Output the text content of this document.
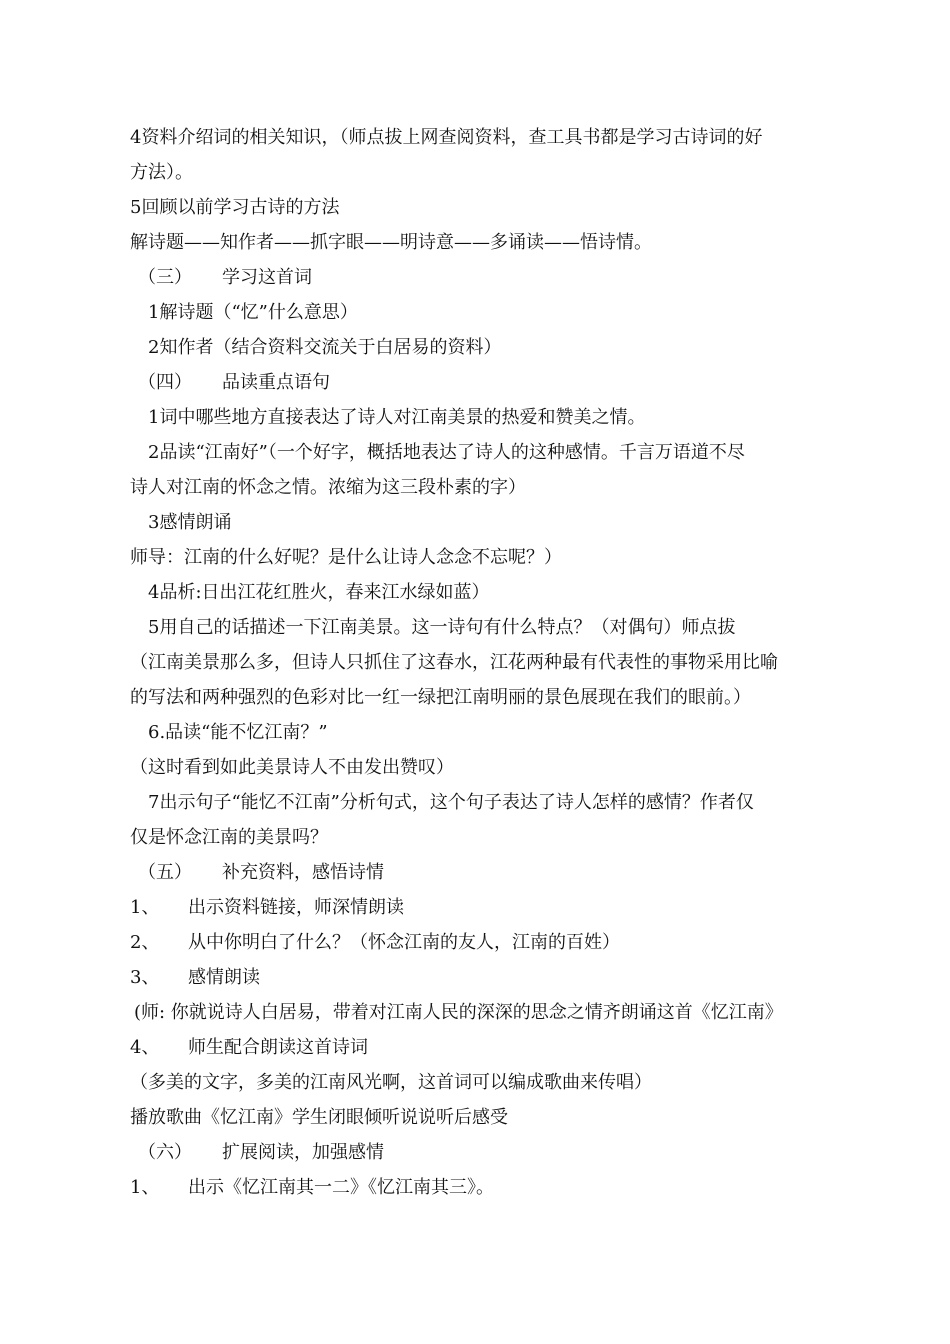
4资料介绍词的相关知识，（师点拔上网查阅资料，查工具书都是学习古诗词的好
方法）。
5回顾以前学习古诗的方法
解诗题——知作者——抓字眼——明诗意——多诵读——悟诗情。
（三） 学习这首词
1解诗题（“忆”什么意思）
2知作者（结合资料交流关于白居易的资料）
（四） 品读重点语句
1词中哪些地方直接表达了诗人对江南美景的热爱和赞美之情。
2品读“江南好”（一个好字，概括地表达了诗人的这种感情。千言万语道不尽
诗人对江南的怀念之情。浓缩为这三段朴素的字）
3感情朗诵
师导：江南的什么好呢？是什么让诗人念念不忘呢？）
4品析:日出江花红胜火，春来江水绿如蓝）
5用自己的话描述一下江南美景。这一诗句有什么特点？（对偶句）师点拔
（江南美景那么多，但诗人只抓住了这春水，江花两种最有代表性的事物采用比喻
的写法和两种强烈的色彩对比一红一绿把江南明丽的景色展现在我们的眼前。）
6.品读“能不忆江南？”
（这时看到如此美景诗人不由发出赞叹）
7出示句子“能忆不江南”分析句式，这个句子表达了诗人怎样的感情？作者仅
仅是怀念江南的美景吗？
（五） 补充资料，感悟诗情
1、 出示资料链接，师深情朗读
2、 从中你明白了什么？（怀念江南的友人，江南的百姓）
3、 感情朗读
(师: 你就说诗人白居易，带着对江南人民的深深的思念之情齐朗诵这首《忆江南》
4、 师生配合朗读这首诗词
（多美的文字，多美的江南风光啊，这首词可以编成歌曲来传唱）
播放歌曲《忆江南》学生闭眼倾听说说听后感受
（六） 扩展阅读，加强感情
1、 出示《忆江南其一二》《忆江南其三》。
